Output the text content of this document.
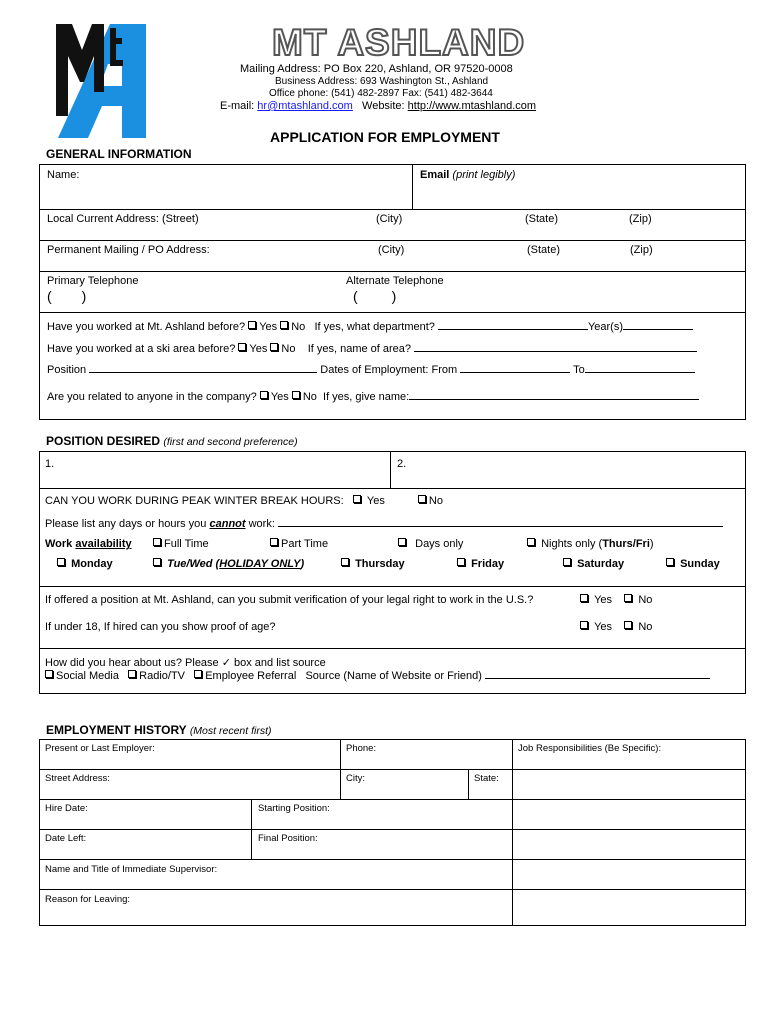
MT ASHLAND
Mailing Address: PO Box 220, Ashland, OR 97520-0008
Business Address: 693 Washington St., Ashland
Office phone: (541) 482-2897 Fax: (541) 482-3644
E-mail: hr@mtashland.com Website: http://www.mtashland.com
APPLICATION FOR EMPLOYMENT
GENERAL INFORMATION
Name:	Email (print legibly)
Local Current Address: (Street)	(City)	(State)	(Zip)
Permanent Mailing / PO Address:	(City)	(State)	(Zip)
Primary Telephone
( )
Alternate Telephone
( )
Have you worked at Mt. Ashland before? Yes No If yes, what department?	Year(s)
Have you worked at a ski area before? Yes No If yes, name of area?
Position	Dates of Employment: From	To
Are you related to anyone in the company? Yes No If yes, give name:
POSITION DESIRED (first and second preference)
1.	2.
CAN YOU WORK DURING PEAK WINTER BREAK HOURS: Yes	No
Please list any days or hours you cannot work:
Work availability	Full Time	Part Time	Days only	Nights only (Thurs/Fri)
Monday	Tue/Wed (HOLIDAY ONLY)	Thursday	Friday	Saturday	Sunday
If offered a position at Mt. Ashland, can you submit verification of your legal right to work in the U.S.?	Yes No
If under 18, If hired can you show proof of age?	Yes No
How did you hear about us? Please ✓ box and list source
Social Media Radio/TV Employee Referral Source (Name of Website or Friend)
EMPLOYMENT HISTORY (Most recent first)
Present or Last Employer:	Phone:	Job Responsibilities (Be Specific):
Street Address:	City:	State:
Hire Date:	Starting Position:
Date Left:	Final Position:
Name and Title of Immediate Supervisor:
Reason for Leaving:
